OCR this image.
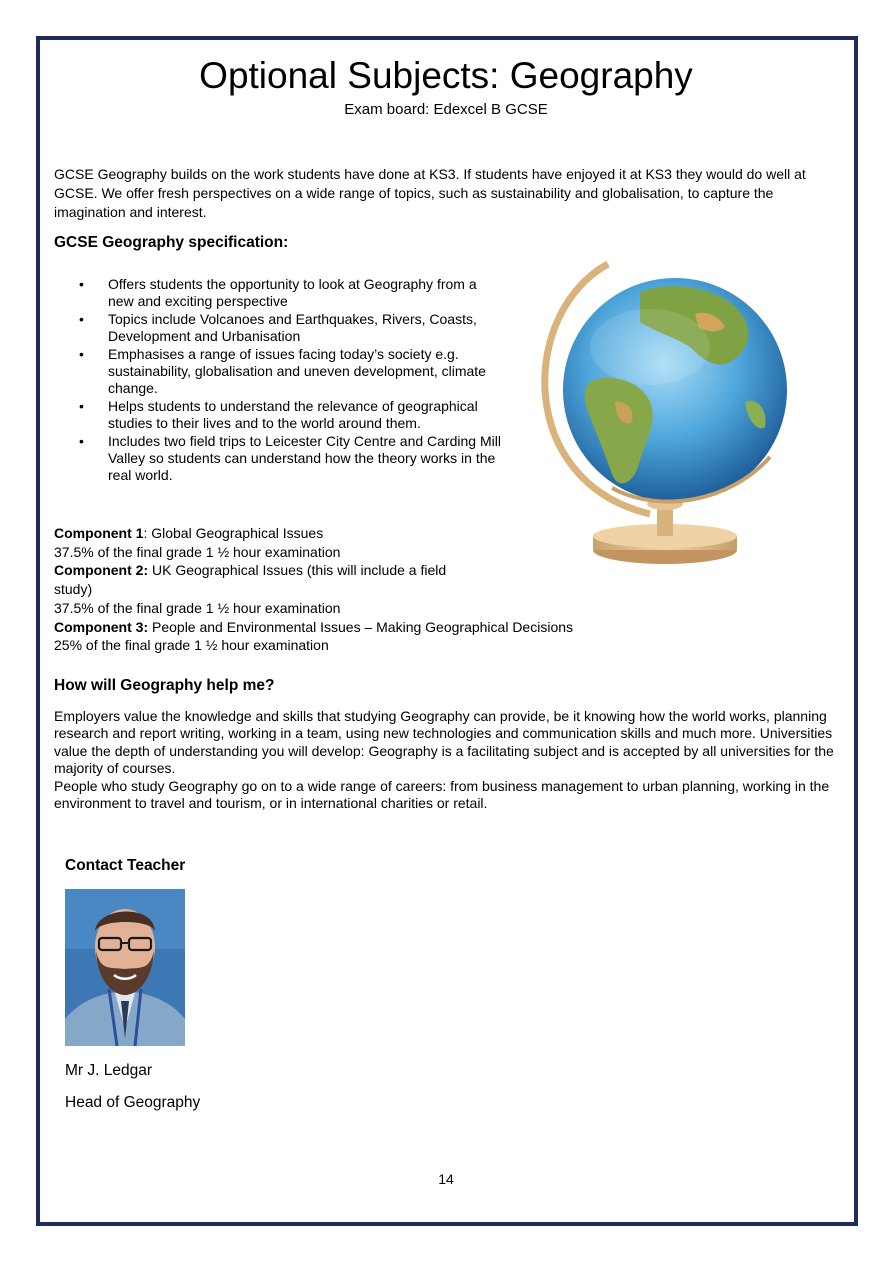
Optional Subjects: Geography
Exam board: Edexcel B GCSE
GCSE Geography builds on the work students have done at KS3. If students have enjoyed it at KS3 they would do well at GCSE. We offer fresh perspectives on a wide range of topics, such as sustainability and globalisation, to capture the imagination and interest.
GCSE Geography specification:
• Offers students the opportunity to look at Geography from a new and exciting perspective
• Topics include Volcanoes and Earthquakes, Rivers, Coasts, Development and Urbanisation
• Emphasises a range of issues facing today’s society e.g. sustainability, globalisation and uneven development, climate change.
• Helps students to understand the relevance of geographical studies to their lives and to the world around them.
• Includes two field trips to Leicester City Centre and Carding Mill Valley so students can understand how the theory works in the real world.
Component 1: Global Geographical Issues
37.5% of the final grade 1 ½ hour examination
Component 2: UK Geographical Issues (this will include a field study)
37.5% of the final grade 1 ½ hour examination
Component 3: People and Environmental Issues – Making Geographical Decisions
25% of the final grade 1 ½ hour examination
How will Geography help me?
Employers value the knowledge and skills that studying Geography can provide, be it knowing how the world works, planning research and report writing, working in a team, using new technologies and communication skills and much more. Universities value the depth of understanding you will develop: Geography is a facilitating subject and is accepted by all universities for the majority of courses.
People who study Geography go on to a wide range of careers: from business management to urban planning, working in the environment to travel and tourism, or in international charities or retail.
Contact Teacher
Mr J. Ledgar
Head of Geography
14
